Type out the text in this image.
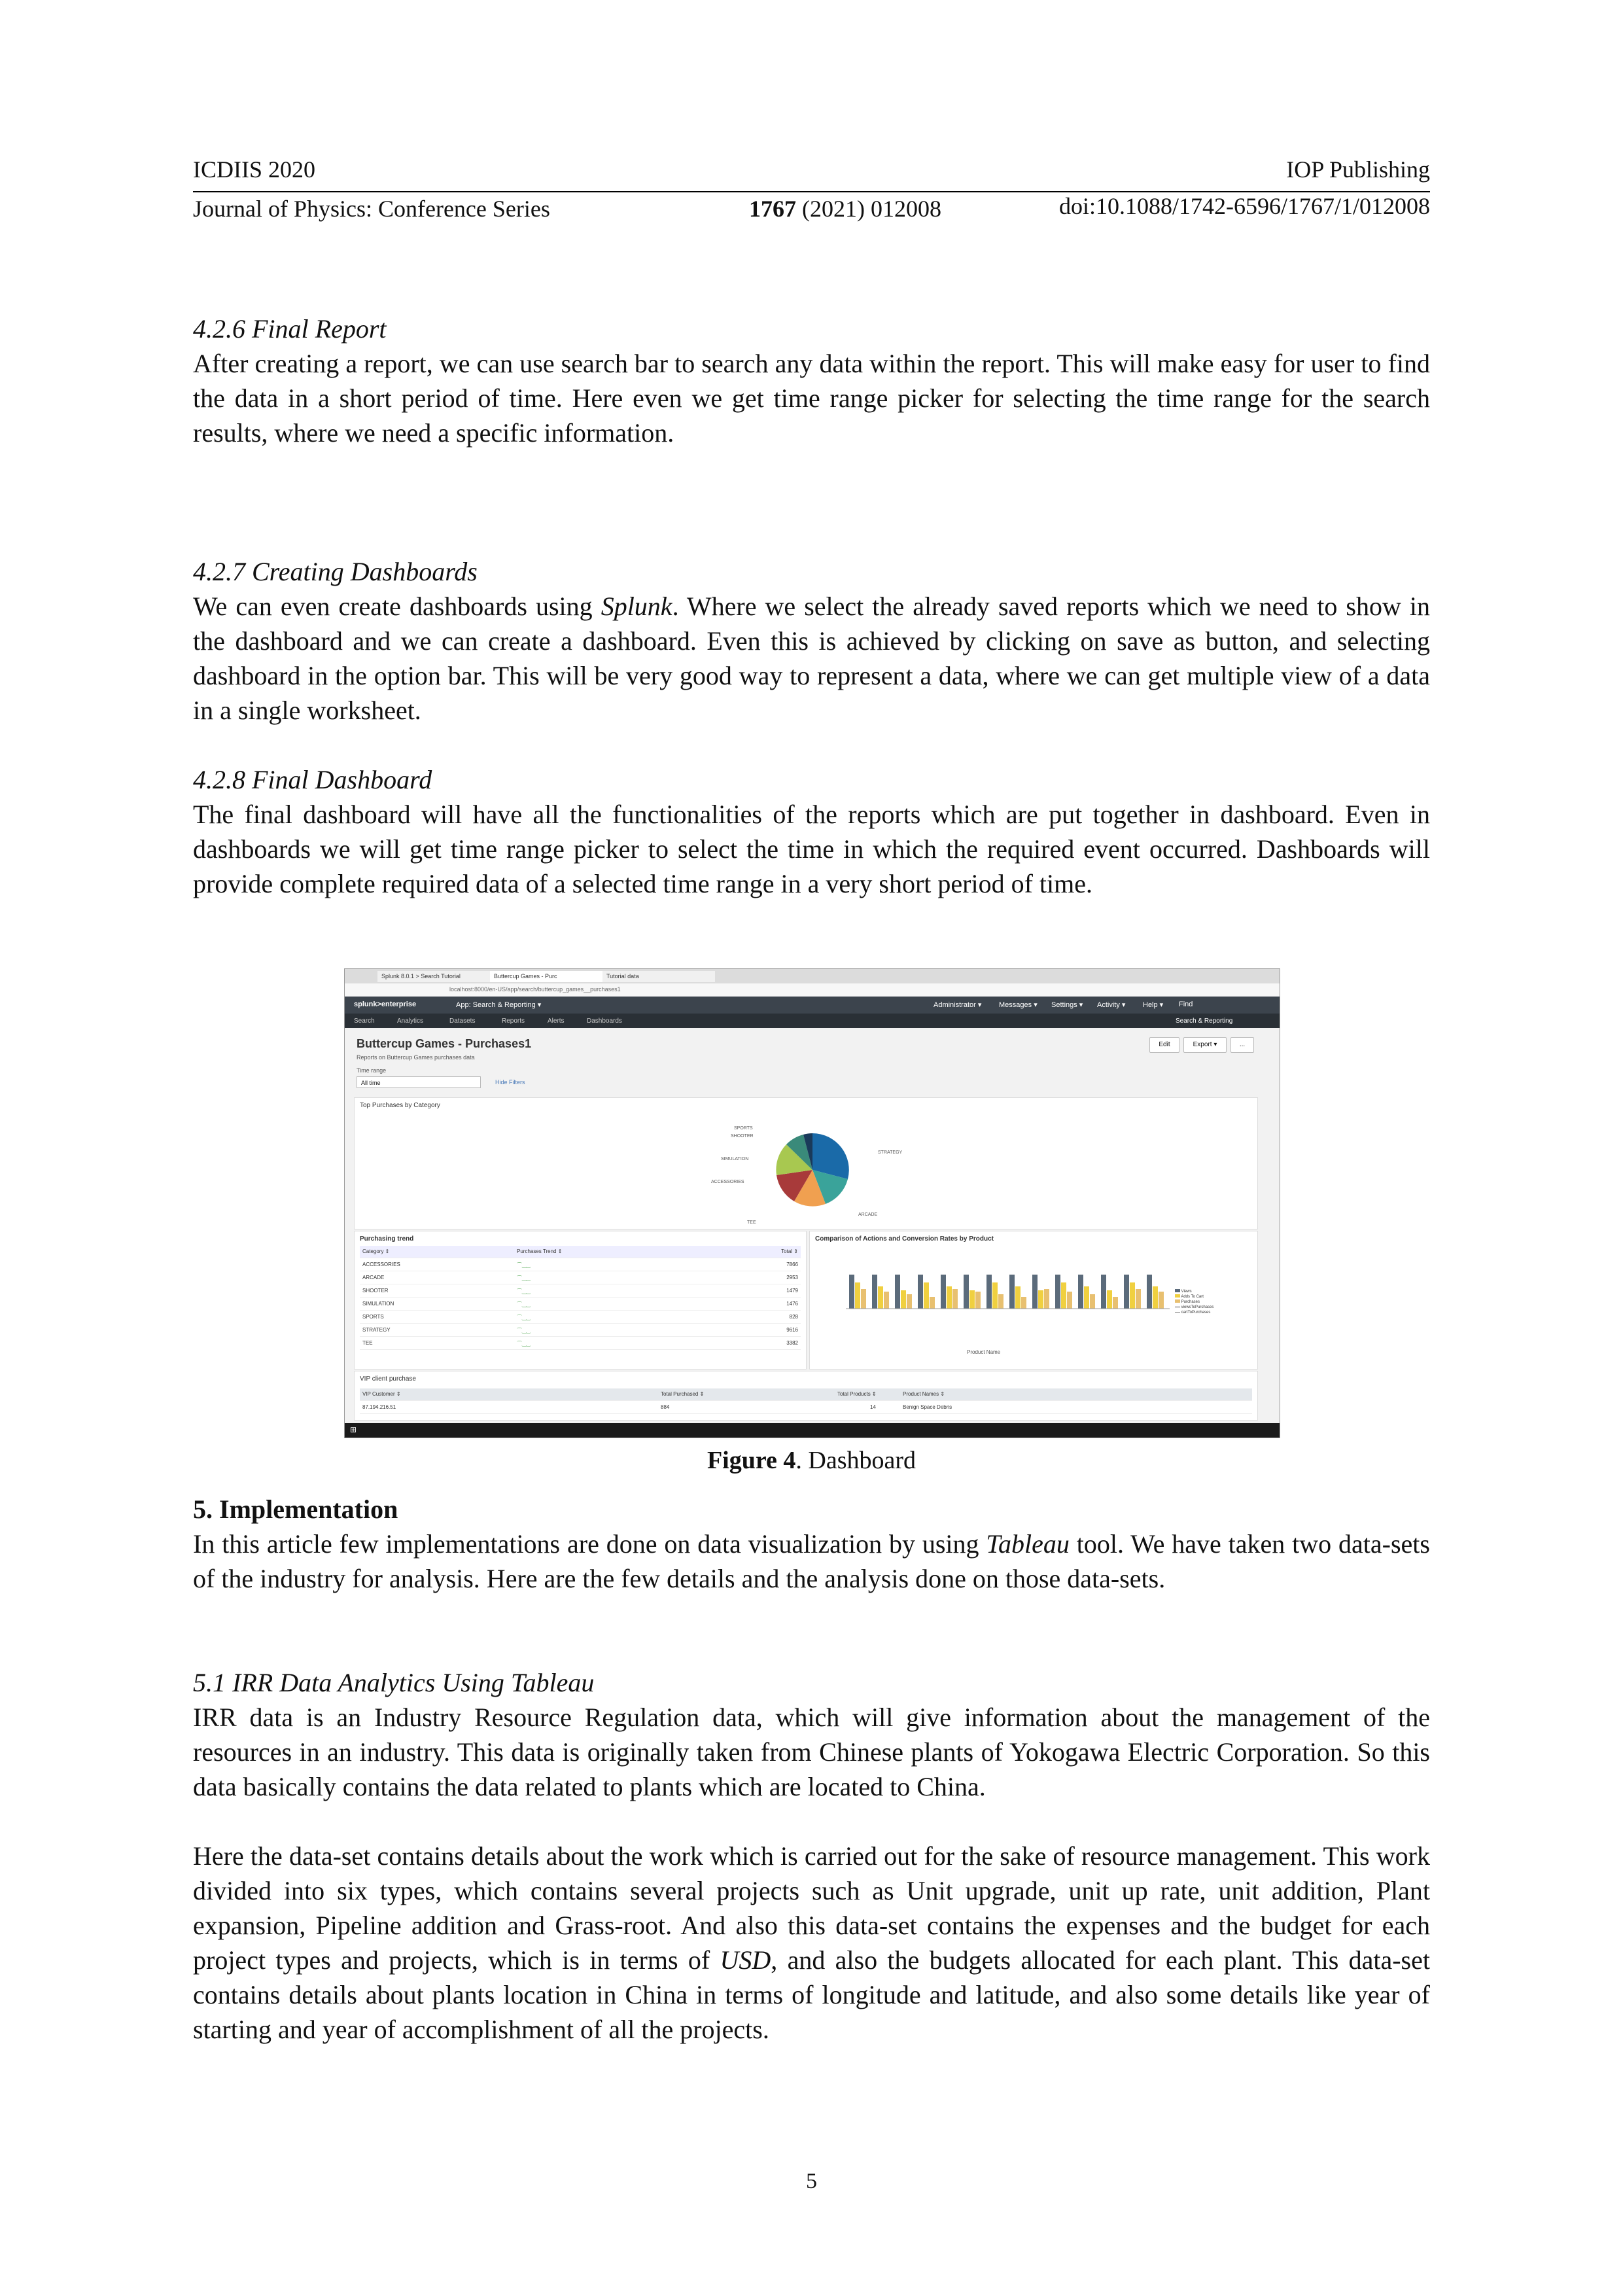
ICDIIS 2020	IOP Publishing
Journal of Physics: Conference Series	1767 (2021) 012008	doi:10.1088/1742-6596/1767/1/012008

4.2.6 Final Report

After creating a report, we can use search bar to search any data within the report. This will make easy for user to find the data in a short period of time. Here even we get time range picker for selecting the time range for the search results, where we need a specific information.

4.2.7 Creating Dashboards

We can even create dashboards using Splunk. Where we select the already saved reports which we need to show in the dashboard and we can create a dashboard. Even this is achieved by clicking on save as button, and selecting dashboard in the option bar. This will be very good way to represent a data, where we can get multiple view of a data in a single worksheet.

4.2.8 Final Dashboard

The final dashboard will have all the functionalities of the reports which are put together in dashboard. Even in dashboards we will get time range picker to select the time in which the required event occurred. Dashboards will provide complete required data of a selected time range in a very short period of time.

Splunk 8.0.1 > Search Tutorial	Buttercup Games - Purc	Tutorial data
localhost:8000/en-US/app/search/buttercup_games__purchases1
splunk>enterprise	App: Search & Reporting ▾	Administrator ▾ Messages ▾ Settings ▾ Activity ▾ Help ▾ Find
Search	Analytics	Datasets	Reports	Alerts	Dashboards	Search & Reporting
Buttercup Games - Purchases1
Reports on Buttercup Games purchases data
Time range
All time	Hide Filters
Edit	Export ▾	...
Top Purchases by Category
STRATEGY
ARCADE
TEE
ACCESSORIES
SIMULATION
SHOOTER
SPORTS
Purchasing trend
Category ⇕	Purchases Trend ⇕	Total ⇕
ACCESSORIES	⌒‿‿	7866
ARCADE	⌒‿‿	2953
SHOOTER	⌒‿‿	1479
SIMULATION	⌒‿‿	1476
SPORTS	⌒‿‿	828
STRATEGY	⌒‿‿	9616
TEE	⌒‿‿	3382
Comparison of Actions and Conversion Rates by Product
Product Name
Views
Adds To Cart
Purchases
viewsToPurchases
cartToPurchases
VIP client purchase
VIP Customer ⇕	Total Purchased ⇕	Total Products ⇕	Product Names ⇕
87.194.216.51	884	14	Benign Space Debris
⊞
Figure 4. Dashboard

5. Implementation

In this article few implementations are done on data visualization by using Tableau tool. We have taken two data-sets of the industry for analysis. Here are the few details and the analysis done on those data-sets.

5.1 IRR Data Analytics Using Tableau

IRR data is an Industry Resource Regulation data, which will give information about the management of the resources in an industry. This data is originally taken from Chinese plants of Yokogawa Electric Corporation. So this data basically contains the data related to plants which are located to China.

Here the data-set contains details about the work which is carried out for the sake of resource management. This work divided into six types, which contains several projects such as Unit upgrade, unit up rate, unit addition, Plant expansion, Pipeline addition and Grass-root. And also this data-set contains the expenses and the budget for each project types and projects, which is in terms of USD, and also the budgets allocated for each plant. This data-set contains details about plants location in China in terms of longitude and latitude, and also some details like year of starting and year of accomplishment of all the projects.

5
